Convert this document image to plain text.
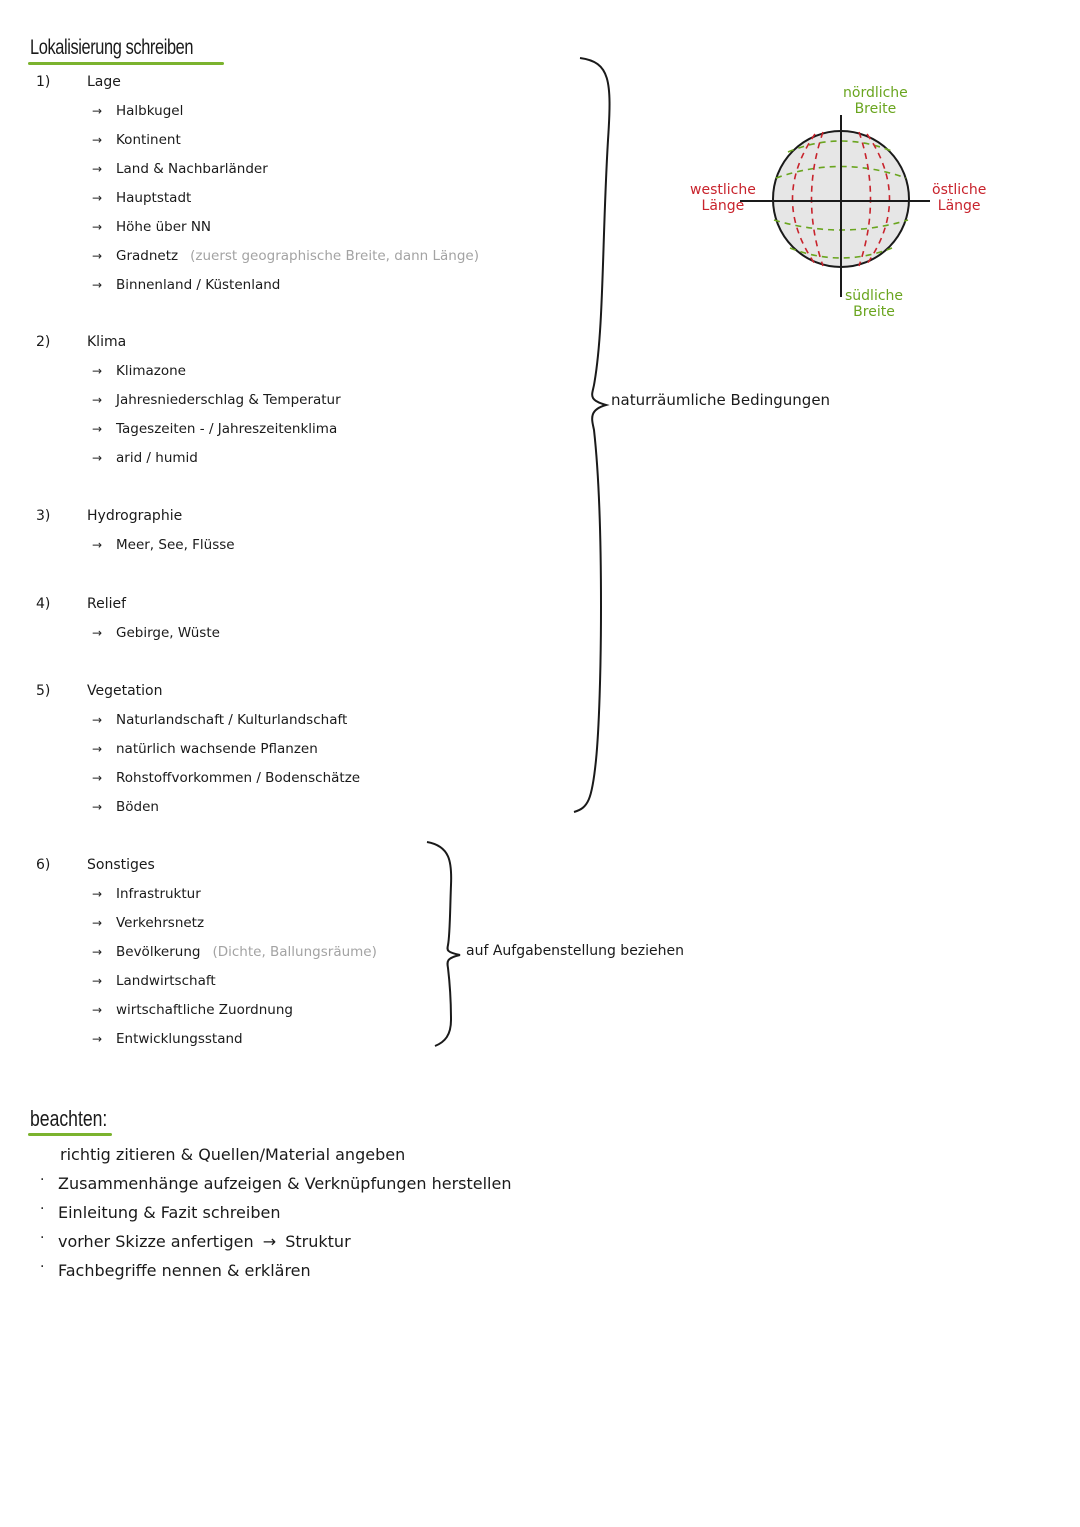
Lokalisierung schreiben
1)	Lage
→ Halbkugel
→ Kontinent
→ Land & Nachbarländer
→ Hauptstadt
→ Höhe über NN
→ Gradnetz (zuerst geographische Breite, dann Länge)
→ Binnenland / Küstenland
2)	Klima
→ Klimazone
→ Jahresniederschlag & Temperatur
→ Tageszeiten - / Jahreszeitenklima
→ arid / humid
3)	Hydrographie
→ Meer, See, Flüsse
4)	Relief
→ Gebirge, Wüste
5)	Vegetation
→ Naturlandschaft / Kulturlandschaft
→ natürlich wachsende Pflanzen
→ Rohstoffvorkommen / Bodenschätze
→ Böden
6)	Sonstiges
→ Infrastruktur
→ Verkehrsnetz
→ Bevölkerung (Dichte, Ballungsräume)
→ Landwirtschaft
→ wirtschaftliche Zuordnung
→ Entwicklungsstand
nördliche
Breite
südliche
Breite
westliche
Länge
östliche
Länge
naturräumliche Bedingungen
auf Aufgabenstellung beziehen
beachten:
richtig zitieren & Quellen/Material angeben
· Zusammenhänge aufzeigen & Verknüpfungen herstellen
· Einleitung & Fazit schreiben
· vorher Skizze anfertigen → Struktur
· Fachbegriffe nennen & erklären
